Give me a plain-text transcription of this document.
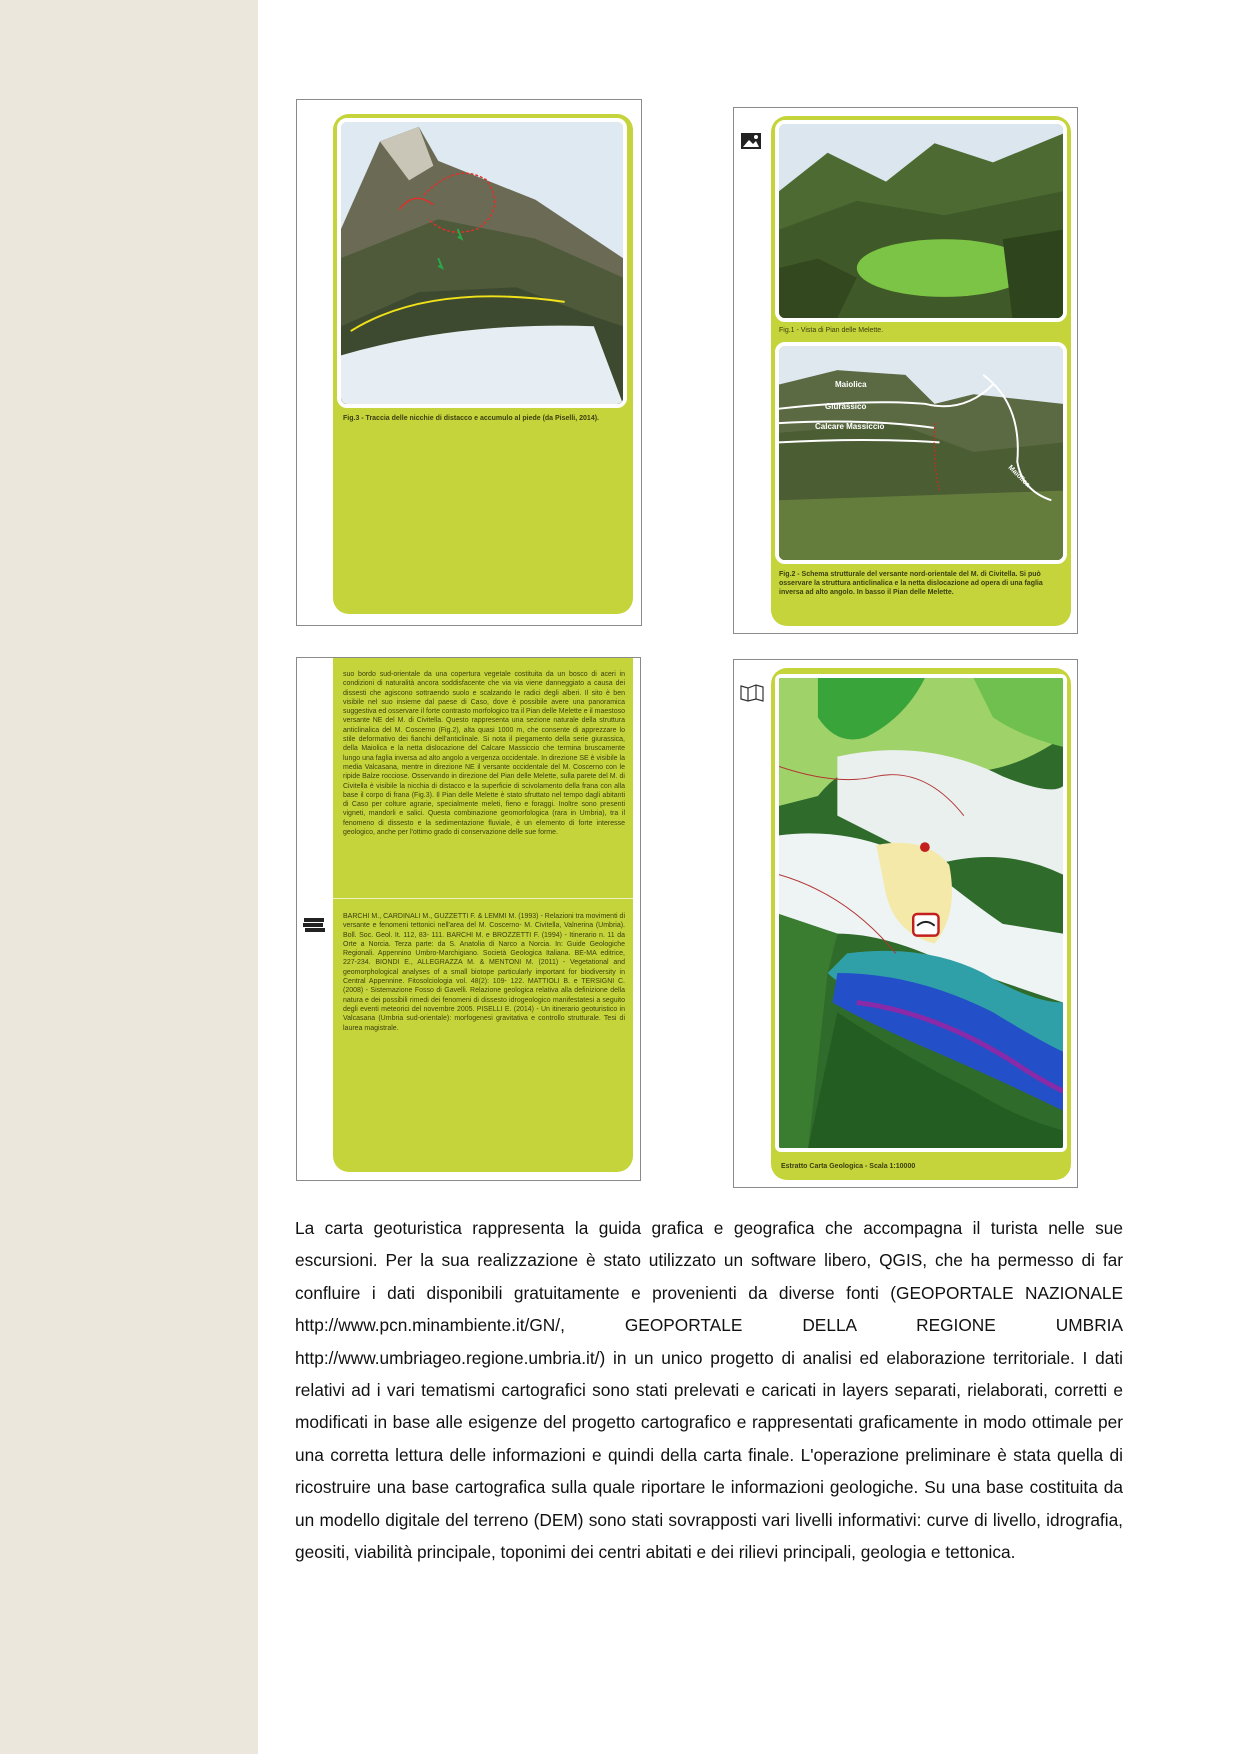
Fig.3 - Traccia delle nicchie di distacco e accumulo al piede (da Piselli, 2014).
Fig.1 - Vista di Pian delle Melette.
Maiolica
Giurassico
Calcare Massiccio
Maiolica
Fig.2 - Schema strutturale del versante nord-orientale del M. di Civitella. Si può osservare la struttura anticlinalica e la netta dislocazione ad opera di una faglia inversa ad alto angolo. In basso il Pian delle Melette.
suo bordo sud-orientale da una copertura vegetale costituita da un bosco di aceri in condizioni di naturalità ancora soddisfacente che via via viene danneggiato a causa dei dissesti che agiscono sottraendo suolo e scalzando le radici degli alberi. Il sito è ben visibile nel suo insieme dal paese di Caso, dove è possibile avere una panoramica suggestiva ed osservare il forte contrasto morfologico tra il Pian delle Melette e il maestoso versante NE del M. di Civitella. Questo rappresenta una sezione naturale della struttura anticlinalica del M. Coscerno (Fig.2), alta quasi 1000 m, che consente di apprezzare lo stile deformativo dei fianchi dell'anticlinale. Si nota il piegamento della serie giurassica, della Maiolica e la netta dislocazione del Calcare Massiccio che termina bruscamente lungo una faglia inversa ad alto angolo a vergenza occidentale. In direzione SE è visibile la media Valcasana, mentre in direzione NE il versante occidentale del M. Coscerno con le ripide Balze rocciose. Osservando in direzione del Pian delle Melette, sulla parete del M. di Civitella è visibile la nicchia di distacco e la superficie di scivolamento della frana con alla base il corpo di frana (Fig.3). Il Pian delle Melette è stato sfruttato nel tempo dagli abitanti di Caso per colture agrarie, specialmente meleti, fieno e foraggi. Inoltre sono presenti vigneti, mandorli e salici. Questa combinazione geomorfologica (rara in Umbria), tra il fenomeno di dissesto e la sedimentazione fluviale, è un elemento di forte interesse geologico, anche per l'ottimo grado di conservazione delle sue forme.
BARCHI M., CARDINALI M., GUZZETTI F. & LEMMI M. (1993) - Relazioni tra movimenti di versante e fenomeni tettonici nell'area del M. Coscerno- M. Civitella, Valnerina (Umbria). Boll. Soc. Geol. It. 112, 83- 111. BARCHI M. e BROZZETTI F. (1994) - Itinerario n. 11 da Orte a Norcia. Terza parte: da S. Anatolia di Narco a Norcia. In: Guide Geologiche Regionali. Appennino Umbro-Marchigiano. Società Geologica Italiana. BE-MA editrice, 227-234. BIONDI E., ALLEGRAZZA M. & MENTONI M. (2011) - Vegetational and geomorphological analyses of a small biotope particularly important for biodiversity in Central Appennine. Fitosolciologia vol. 48(2): 109- 122. MATTIOLI B. e TERSIGNI C. (2008) - Sistemazione Fosso di Gavelli. Relazione geologica relativa alla definizione della natura e dei possibili rimedi dei fenomeni di dissesto idrogeologico manifestatesi a seguito degli eventi meteorici del novembre 2005. PISELLI E. (2014) - Un itinerario geoturistico in Valcasana (Umbria sud-orientale): morfogenesi gravitativa e controllo strutturale. Tesi di laurea magistrale.
Estratto Carta Geologica - Scala 1:10000

La carta geoturistica rappresenta la guida grafica e geografica che accompagna il turista nelle sue escursioni. Per la sua realizzazione è stato utilizzato un software libero, QGIS, che ha permesso di far confluire i dati disponibili gratuitamente e provenienti da diverse fonti (GEOPORTALE NAZIONALE http://www.pcn.minambiente.it/GN/, GEOPORTALE DELLA REGIONE UMBRIA http://www.umbriageo.regione.umbria.it/) in un unico progetto di analisi ed elaborazione territoriale. I dati relativi ad i vari tematismi cartografici sono stati prelevati e caricati in layers separati, rielaborati, corretti e modificati in base alle esigenze del progetto cartografico e rappresentati graficamente in modo ottimale per una corretta lettura delle informazioni e quindi della carta finale. L'operazione preliminare è stata quella di ricostruire una base cartografica sulla quale riportare le informazioni geologiche. Su una base costituita da un modello digitale del terreno (DEM) sono stati sovrapposti vari livelli informativi: curve di livello, idrografia, geositi, viabilità principale, toponimi dei centri abitati e dei rilievi principali, geologia e tettonica.
